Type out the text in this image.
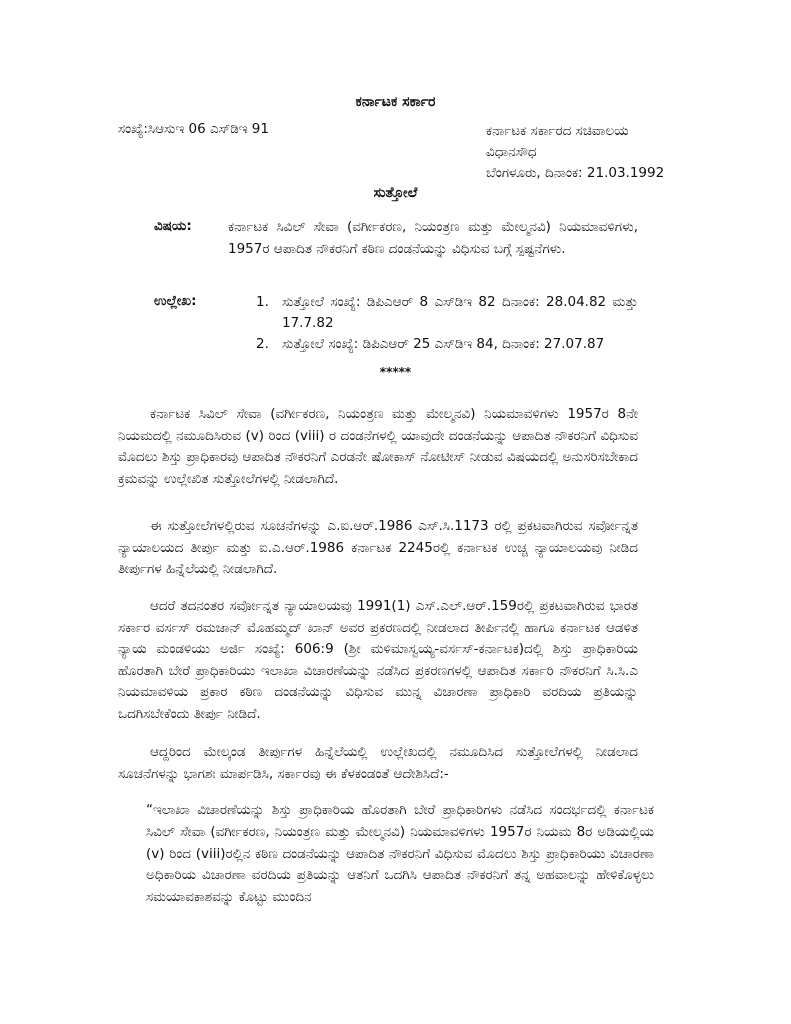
ಕರ್ನಾಟಕ ಸರ್ಕಾರ
ಸಂಖ್ಯೆ:ಸಿಆಸುಇ 06 ಎಸ್‌ಡಿಇ 91	ಕರ್ನಾಟಕ ಸರ್ಕಾರದ ಸಚಿವಾಲಯ
ವಿಧಾನಸೌಧ
ಬೆಂಗಳೂರು, ದಿನಾಂಕ: 21.03.1992
ಸುತ್ತೋಲೆ
ವಿಷಯ:	ಕರ್ನಾಟಕ ಸಿವಿಲ್ ಸೇವಾ (ವರ್ಗೀಕರಣ, ನಿಯಂತ್ರಣ ಮತ್ತು ಮೇಲ್ಮನವಿ) ನಿಯಮಾವಳಿಗಳು, 1957ರ ಆಪಾದಿತ ನೌಕರನಿಗೆ ಕಠಿಣ ದಂಡನೆಯನ್ನು ವಿಧಿಸುವ ಬಗ್ಗೆ ಸ್ಪಷ್ಟನೆಗಳು.
ಉಲ್ಲೇಖ:	1. ಸುತ್ತೋಲೆ ಸಂಖ್ಯೆ: ಡಿಪಿಎಆರ್ 8 ಎಸ್‌ಡಿಇ 82 ದಿನಾಂಕ: 28.04.82 ಮತ್ತು 17.7.82
2. ಸುತ್ತೋಲೆ ಸಂಖ್ಯೆ: ಡಿಪಿಎಆರ್ 25 ಎಸ್‌ಡಿಇ 84, ದಿನಾಂಕ: 27.07.87
*****
ಕರ್ನಾಟಕ ಸಿವಿಲ್ ಸೇವಾ (ವರ್ಗೀಕರಣ, ನಿಯಂತ್ರಣ ಮತ್ತು ಮೇಲ್ಮನವಿ) ನಿಯಮಾವಳಿಗಳು 1957ರ 8ನೇ ನಿಯಮದಲ್ಲಿ ನಮೂದಿಸಿರುವ (v) ರಿಂದ (viii) ರ ದಂಡನೆಗಳಲ್ಲಿ ಯಾವುದೇ ದಂಡನೆಯನ್ನು ಆಪಾದಿತ ನೌಕರನಿಗೆ ವಿಧಿಸುವ ಮೊದಲು ಶಿಸ್ತು ಪ್ರಾಧಿಕಾರವು ಆಪಾದಿತ ನೌಕರನಿಗೆ ಎರಡನೇ ಷೋಕಾಸ್ ನೋಟೀಸ್ ನೀಡುವ ವಿಷಯದಲ್ಲಿ ಅನುಸರಿಸಬೇಕಾದ ಕ್ರಮವನ್ನು ಉಲ್ಲೇಖಿತ ಸುತ್ತೋಲೆಗಳಲ್ಲಿ ನೀಡಲಾಗಿದೆ.
ಈ ಸುತ್ತೋಲೆಗಳಲ್ಲಿರುವ ಸೂಚನೆಗಳನ್ನು ಎ.ಐ.ಆರ್.1986 ಎಸ್.ಸಿ.1173 ರಲ್ಲಿ ಪ್ರಕಟವಾಗಿರುವ ಸರ್ವೋನ್ನತ ನ್ಯಾಯಾಲಯದ ತೀರ್ಪು ಮತ್ತು ಐ.ಎ.ಆರ್.1986 ಕರ್ನಾಟಕ 2245ರಲ್ಲಿ ಕರ್ನಾಟಕ ಉಚ್ಚ ನ್ಯಾಯಾಲಯವು ನೀಡಿದ ತೀರ್ಪುಗಳ ಹಿನ್ನೆಲೆಯಲ್ಲಿ ನೀಡಲಾಗಿದೆ.
ಆದರೆ ತದನಂತರ ಸರ್ವೋನ್ನತ ನ್ಯಾಯಾಲಯವು 1991(1) ಎಸ್.ಎಲ್.ಆರ್.159ರಲ್ಲಿ ಪ್ರಕಟವಾಗಿರುವ ಭಾರತ ಸರ್ಕಾರ ವರ್ಸಸ್ ರಮಜಾನ್ ಮೊಹಮ್ಮದ್ ಖಾನ್ ಅವರ ಪ್ರಕರಣದಲ್ಲಿ ನೀಡಲಾದ ತೀರ್ಪಿನಲ್ಲಿ ಹಾಗೂ ಕರ್ನಾಟಕ ಆಡಳಿತ ನ್ಯಾಯ ಮಂಡಳಿಯು ಅರ್ಜಿ ಸಂಖ್ಯೆ: 606:9 (ಶ್ರೀ ಮಳಿಮಾಸ್ವಯ್ಯ-ವರ್ಸಸ್-ಕರ್ನಾಟಕ)ದಲ್ಲಿ ಶಿಸ್ತು ಪ್ರಾಧಿಕಾರಿಯ ಹೊರತಾಗಿ ಬೇರೆ ಪ್ರಾಧಿಕಾರಿಯು ಇಲಾಖಾ ವಿಚಾರಣೆಯನ್ನು ನಡೆಸಿದ ಪ್ರಕರಣಗಳಲ್ಲಿ ಆಪಾದಿತ ಸರ್ಕಾರಿ ನೌಕರನಿಗೆ ಸಿ.ಸಿ.ಎ ನಿಯಮಾವಳಿಯ ಪ್ರಕಾರ ಕಠಿಣ ದಂಡನೆಯನ್ನು ವಿಧಿಸುವ ಮುನ್ನ ವಿಚಾರಣಾ ಪ್ರಾಧಿಕಾರಿ ವರದಿಯ ಪ್ರತಿಯನ್ನು ಒದಗಿಸಬೇಕೆಂದು ತೀರ್ಪು ನೀಡಿದೆ.
ಆದ್ದರಿಂದ ಮೇಲ್ಕಂಡ ತೀರ್ಪುಗಳ ಹಿನ್ನೆಲೆಯಲ್ಲಿ ಉಲ್ಲೇಖದಲ್ಲಿ ನಮೂದಿಸಿದ ಸುತ್ತೋಲೆಗಳಲ್ಲಿ ನೀಡಲಾದ ಸೂಚನೆಗಳನ್ನು ಭಾಗಶಃ ಮಾರ್ಪಡಿಸಿ, ಸರ್ಕಾರವು ಈ ಕೆಳಕಂಡಂತೆ ಆದೇಶಿಸಿದೆ:-
“ಇಲಾಖಾ ವಿಚಾರಣೆಯನ್ನು ಶಿಸ್ತು ಪ್ರಾಧಿಕಾರಿಯ ಹೊರತಾಗಿ ಬೇರೆ ಪ್ರಾಧಿಕಾರಿಗಳು ನಡೆಸಿದ ಸಂದರ್ಭದಲ್ಲಿ ಕರ್ನಾಟಕ ಸಿವಿಲ್ ಸೇವಾ (ವರ್ಗೀಕರಣ, ನಿಯಂತ್ರಣ ಮತ್ತು ಮೇಲ್ಮನವಿ) ನಿಯಮಾವಳಿಗಳು 1957ರ ನಿಯಮ 8ರ ಅಡಿಯಲ್ಲಿಯ (v) ರಿಂದ (viii)ರಲ್ಲಿನ ಕಠಿಣ ದಂಡನೆಯನ್ನು ಆಪಾದಿತ ನೌಕರನಿಗೆ ವಿಧಿಸುವ ಮೊದಲು ಶಿಸ್ತು ಪ್ರಾಧಿಕಾರಿಯು ವಿಚಾರಣಾ ಅಧಿಕಾರಿಯ ವಿಚಾರಣಾ ವರದಿಯ ಪ್ರತಿಯನ್ನು ಆತನಿಗೆ ಒದಗಿಸಿ ಆಪಾದಿತ ನೌಕರನಿಗೆ ತನ್ನ ಅಹವಾಲನ್ನು ಹೇಳಿಕೊಳ್ಳಲು ಸಮಯಾವಕಾಶವನ್ನು ಕೊಟ್ಟು ಮುಂದಿನ
